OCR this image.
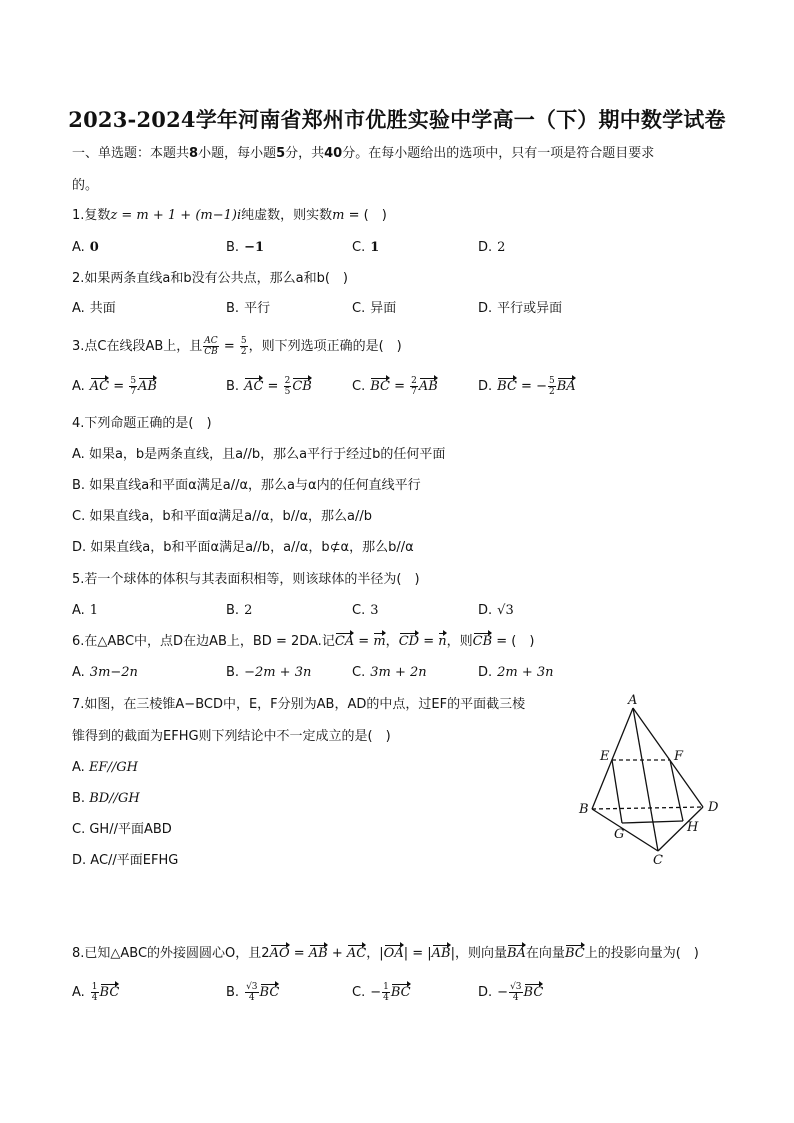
2023-2024学年河南省郑州市优胜实验中学高一（下）期中数学试卷
一、单选题：本题共8小题，每小题5分，共40分。在每小题给出的选项中，只有一项是符合题目要求
的。
1.复数z = m + 1 + (m−1)i纯虚数，则实数m = (　)
A. 0	B. −1	C. 1	D. 2
2.如果两条直线a和b没有公共点，那么a和b(　)
A. 共面	B. 平行	C. 异面	D. 平行或异面
3.点C在线段AB上，且 $\frac{AC}{CB} = \frac{5}{2}$ ，则下列选项正确的是(　)
A. AC = $\frac{5}{7}$ AB	B. AC = $\frac{2}{5}$ CB	C. BC = $\frac{2}{7}$ AB	D. BC = − $\frac{5}{2}$ BA
4.下列命题正确的是(　)
A. 如果a，b是两条直线，且a//b，那么a平行于经过b的任何平面
B. 如果直线a和平面α满足a//α，那么a与α内的任何直线平行
C. 如果直线a，b和平面α满足a//α，b//α，那么a//b
D. 如果直线a，b和平面α满足a//b，a//α，b⊄α，那么b//α
5.若一个球体的体积与其表面积相等，则该球体的半径为(　)
A. 1	B. 2	C. 3	D. √3
6.在△ABC中，点D在边AB上，BD = 2DA.记CA = m，CD = n，则CB = (　)
A. 3m−2n	B. −2m + 3n	C. 3m + 2n	D. 2m + 3n
7.如图，在三棱锥A−BCD中，E，F分别为AB，AD的中点，过EF的平面截三棱
锥得到的截面为EFHG则下列结论中不一定成立的是(　)
A. EF//GH
B. BD//GH
C. GH//平面ABD
D. AC//平面EFHG
A
E	F
B	D
G	H
C
8.已知△ABC的外接圆圆心O，且2AO = AB + AC，|OA| = |AB|，则向量BA在向量BC上的投影向量为(　)
A. $\frac{1}{4}$ BC	B. $\frac{√3}{4}$ BC	C. − $\frac{1}{4}$ BC	D. − $\frac{√3}{4}$ BC
